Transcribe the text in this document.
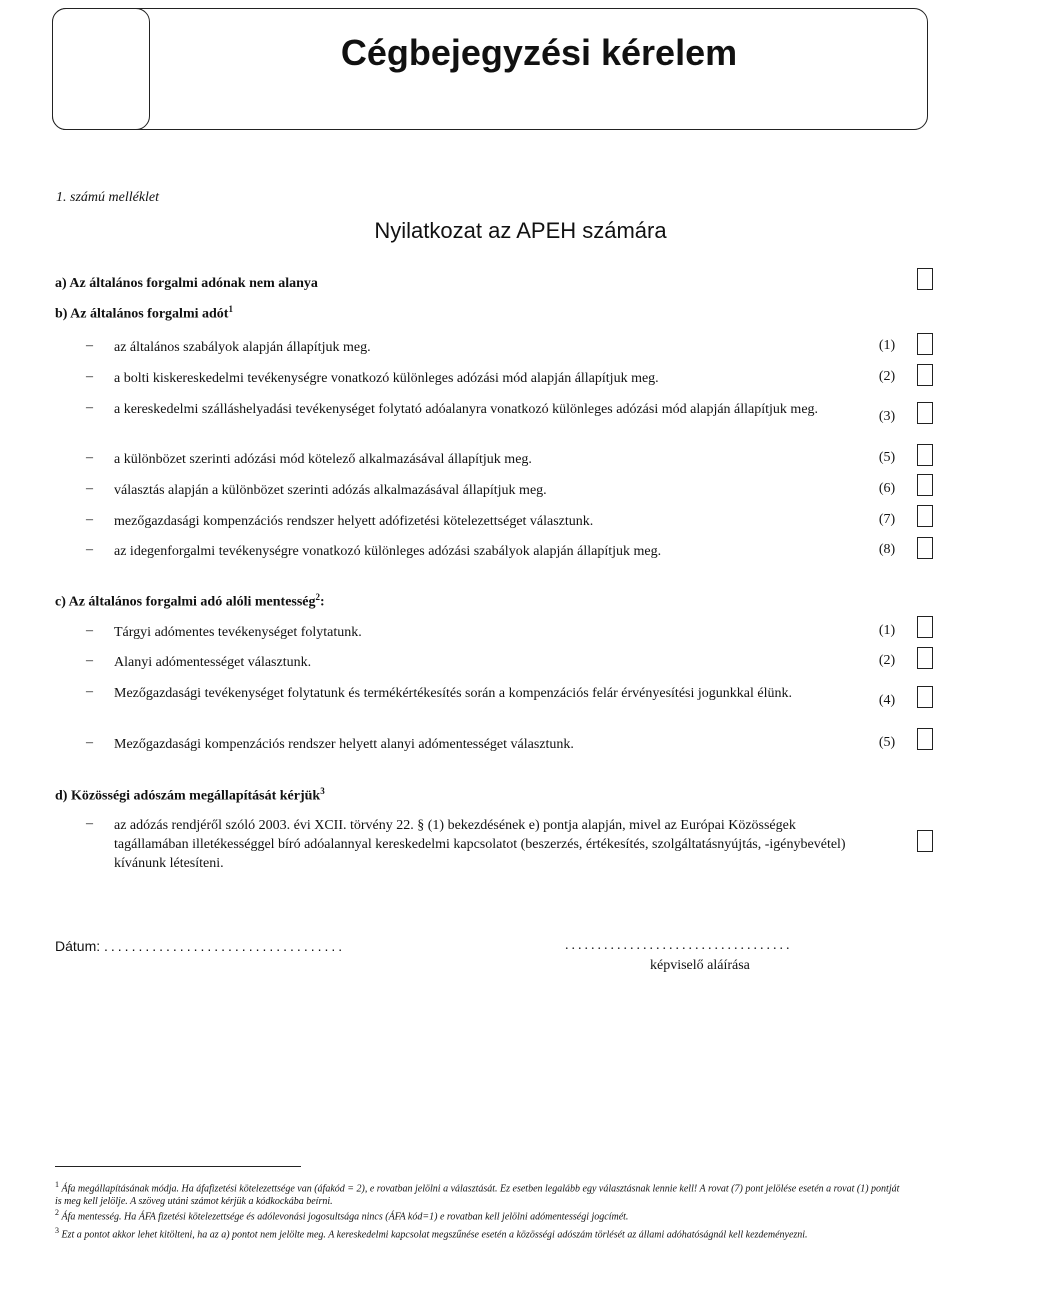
Cégbejegyzési kérelem
1. számú melléklet
Nyilatkozat az APEH számára
a) Az általános forgalmi adónak nem alanya
b) Az általános forgalmi adót$^1$
– az általános szabályok alapján állapítjuk meg.	(1)
– a bolti kiskereskedelmi tevékenységre vonatkozó különleges adózási mód alapján állapítjuk meg.	(2)
– a kereskedelmi szálláshelyadási tevékenységet folytató adóalanyra vonatkozó különleges adózási mód alapján állapítjuk meg.	(3)
– a különbözet szerinti adózási mód kötelező alkalmazásával állapítjuk meg.	(5)
– választás alapján a különbözet szerinti adózás alkalmazásával állapítjuk meg.	(6)
– mezőgazdasági kompenzációs rendszer helyett adófizetési kötelezettséget választunk.	(7)
– az idegenforgalmi tevékenységre vonatkozó különleges adózási szabályok alapján állapítjuk meg.	(8)
c) Az általános forgalmi adó alóli mentesség$^2$:
– Tárgyi adómentes tevékenységet folytatunk.	(1)
– Alanyi adómentességet választunk.	(2)
– Mezőgazdasági tevékenységet folytatunk és termékértékesítés során a kompenzációs felár érvényesítési jogunkkal élünk.	(4)
– Mezőgazdasági kompenzációs rendszer helyett alanyi adómentességet választunk.	(5)
d) Közösségi adószám megállapítását kérjük$^3$
– az adózás rendjéről szóló 2003. évi XCII. törvény 22. § (1) bekezdésének e) pontja alapján, mivel az Európai Közösségek tagállamában illetékességgel bíró adóalannyal kereskedelmi kapcsolatot (beszerzés, értékesítés, szolgáltatásnyújtás, -igénybevétel) kívánunk létesíteni.
Dátum: ...................................	...................................
képviselő aláírása
$^1$ Áfa megállapításának módja. Ha áfafizetési kötelezettsége van (áfakód = 2), e rovatban jelölni a választását. Ez esetben legalább egy választásnak lennie kell! A rovat (7) pont jelölése esetén a rovat (1) pontját is meg kell jelölje. A szöveg utáni számot kérjük a kódkockába beírni.
$^2$ Áfa mentesség. Ha ÁFA fizetési kötelezettsége és adólevonási jogosultsága nincs (ÁFA kód=1) e rovatban kell jelölni adómentességi jogcímét.
$^3$ Ezt a pontot akkor lehet kitölteni, ha az a) pontot nem jelölte meg. A kereskedelmi kapcsolat megszűnése esetén a közösségi adószám törlését az állami adóhatóságnál kell kezdeményezni.
